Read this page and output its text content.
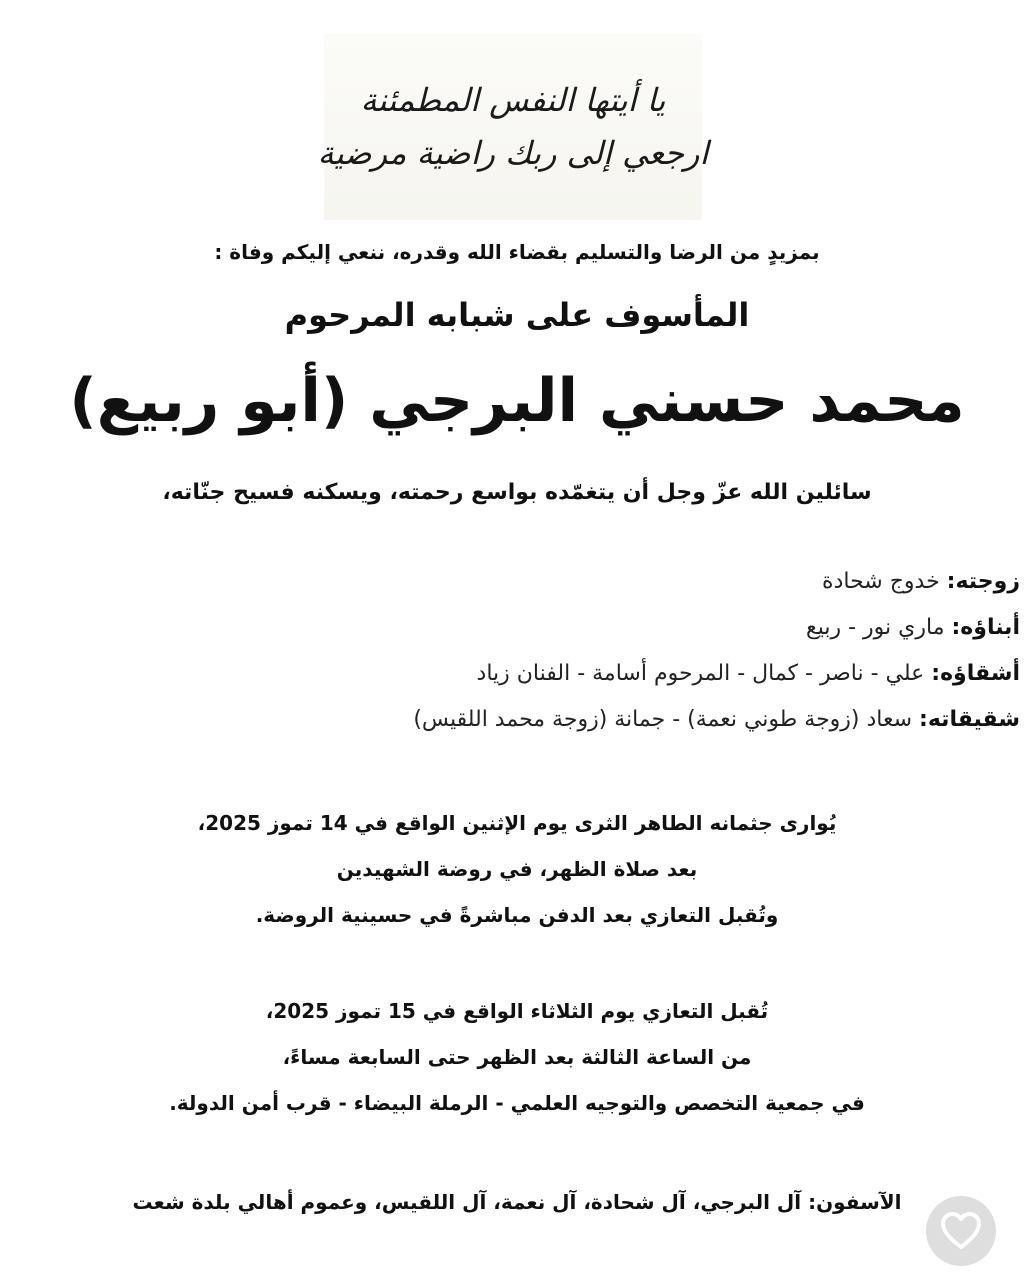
يا أيتها النفس المطمئنة
ارجعي إلى ربك راضية مرضية
بمزيدٍ من الرضا والتسليم بقضاء الله وقدره، ننعي إليكم وفاة :
المأسوف على شبابه المرحوم
محمد حسني البرجي (أبو ربيع)
سائلين الله عزّ وجل أن يتغمّده بواسع رحمته، ويسكنه فسيح جنّاته،
زوجته: خدوج شحادة
أبناؤه: ماري نور - ربيع
أشقاؤه: علي - ناصر - كمال - المرحوم أسامة - الفنان زياد
شقيقاته: سعاد (زوجة طوني نعمة) - جمانة (زوجة محمد اللقيس)
يُوارى جثمانه الطاهر الثرى يوم الإثنين الواقع في 14 تموز 2025،
بعد صلاة الظهر، في روضة الشهيدين
وتُقبل التعازي بعد الدفن مباشرةً في حسينية الروضة.
تُقبل التعازي يوم الثلاثاء الواقع في 15 تموز 2025،
من الساعة الثالثة بعد الظهر حتى السابعة مساءً،
في جمعية التخصص والتوجيه العلمي - الرملة البيضاء - قرب أمن الدولة.
الآسفون: آل البرجي، آل شحادة، آل نعمة، آل اللقيس، وعموم أهالي بلدة شعت
